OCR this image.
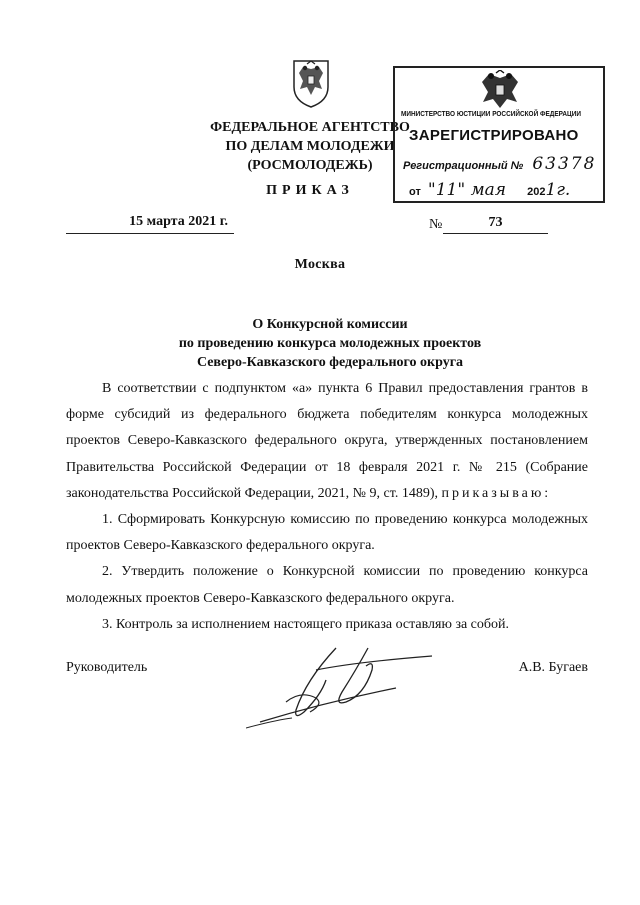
ФЕДЕРАЛЬНОЕ АГЕНТСТВО
ПО ДЕЛАМ МОЛОДЕЖИ
(РОСМОЛОДЕЖЬ)
ПРИКАЗ
МИНИСТЕРСТВО ЮСТИЦИИ РОССИЙСКОЙ ФЕДЕРАЦИИ
ЗАРЕГИСТРИРОВАНО
Регистрационный № 63378
от "11" мая 2021г.
15 марта 2021 г.	№	73
Москва
О Конкурсной комиссии
по проведению конкурса молодежных проектов
Северо-Кавказского федерального округа

В соответствии с подпунктом «а» пункта 6 Правил предоставления грантов в форме субсидий из федерального бюджета победителям конкурса молодежных проектов Северо-Кавказского федерального округа, утвержденных постановлением Правительства Российской Федерации от 18 февраля 2021 г. № 215 (Собрание законодательства Российской Федерации, 2021, № 9, ст. 1489), приказываю:

1. Сформировать Конкурсную комиссию по проведению конкурса молодежных проектов Северо-Кавказского федерального округа.

2. Утвердить положение о Конкурсной комиссии по проведению конкурса молодежных проектов Северо-Кавказского федерального округа.

3. Контроль за исполнением настоящего приказа оставляю за собой.

Руководитель	А.В. Бугаев
